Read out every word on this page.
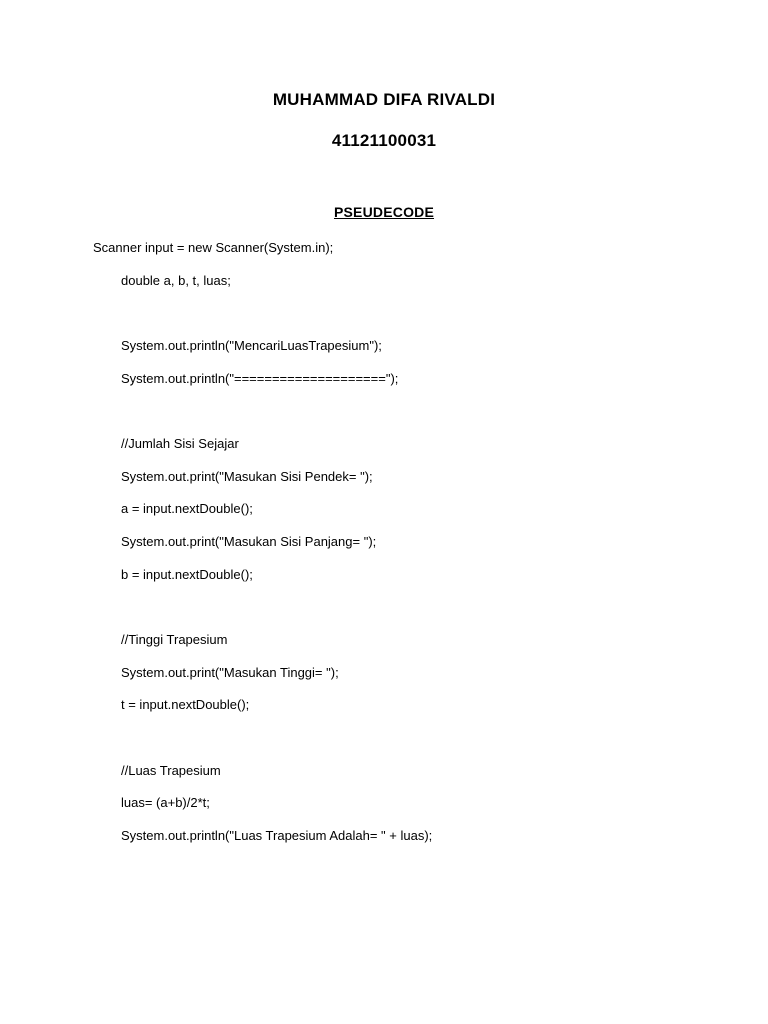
MUHAMMAD DIFA RIVALDI
41121100031
PSEUDECODE
Scanner input = new Scanner(System.in);
double a, b, t, luas;
System.out.println("MencariLuasTrapesium");
System.out.println("====================");
//Jumlah Sisi Sejajar
System.out.print("Masukan Sisi Pendek= ");
a = input.nextDouble();
System.out.print("Masukan Sisi Panjang= ");
b = input.nextDouble();
//Tinggi Trapesium
System.out.print("Masukan Tinggi= ");
t = input.nextDouble();
//Luas Trapesium
luas= (a+b)/2*t;
System.out.println("Luas Trapesium Adalah= " + luas);
